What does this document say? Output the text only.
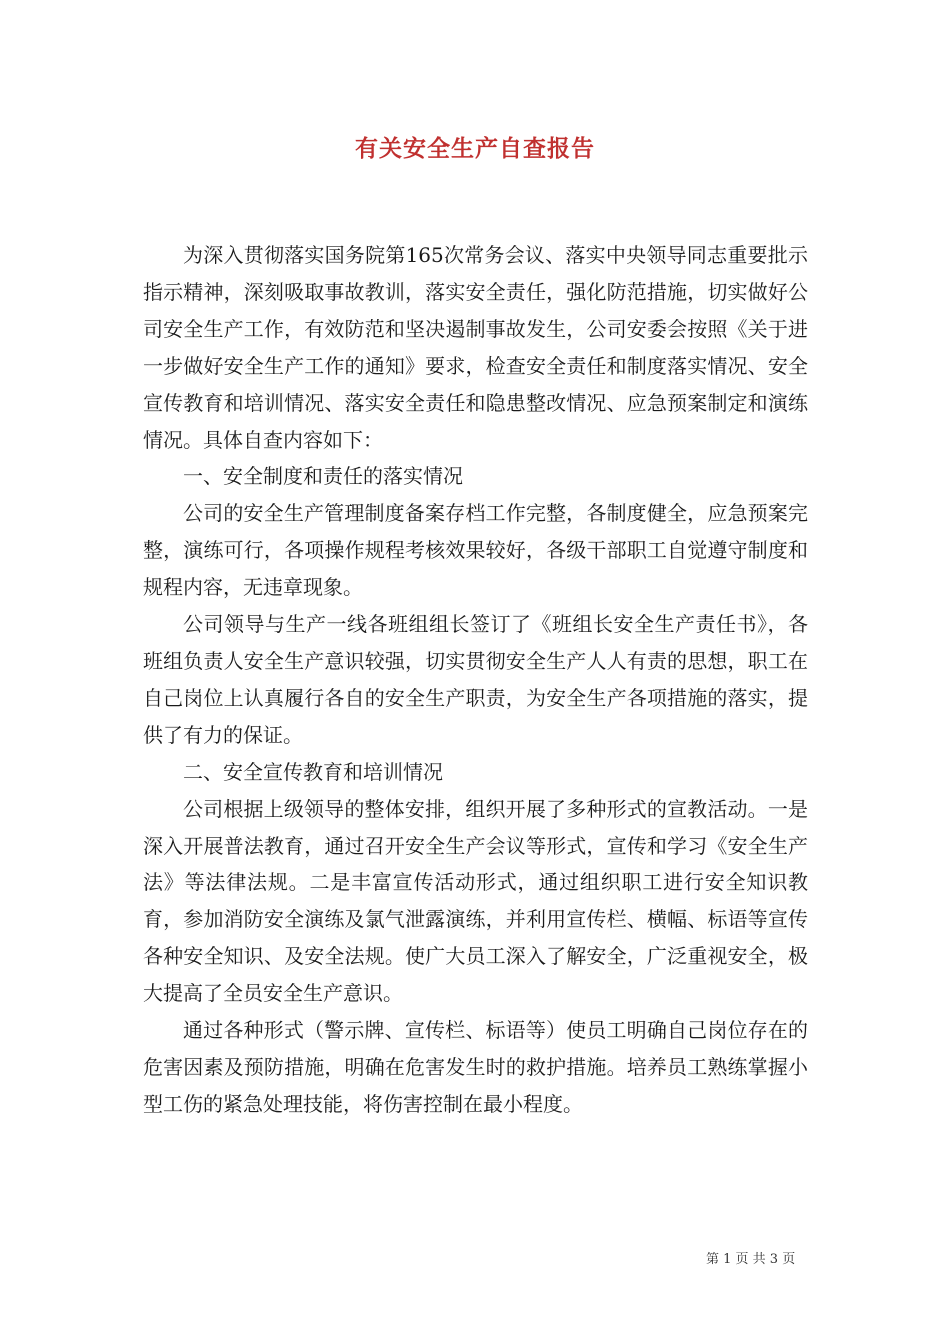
有关安全生产自查报告

为深入贯彻落实国务院第165次常务会议、落实中央领导同志重要批示指示精神，深刻吸取事故教训，落实安全责任，强化防范措施，切实做好公司安全生产工作，有效防范和坚决遏制事故发生，公司安委会按照《关于进一步做好安全生产工作的通知》要求，检查安全责任和制度落实情况、安全宣传教育和培训情况、落实安全责任和隐患整改情况、应急预案制定和演练情况。具体自查内容如下：

一、安全制度和责任的落实情况

公司的安全生产管理制度备案存档工作完整，各制度健全，应急预案完整，演练可行，各项操作规程考核效果较好，各级干部职工自觉遵守制度和规程内容，无违章现象。

公司领导与生产一线各班组组长签订了《班组长安全生产责任书》，各班组负责人安全生产意识较强，切实贯彻安全生产人人有责的思想，职工在自己岗位上认真履行各自的安全生产职责，为安全生产各项措施的落实，提供了有力的保证。

二、安全宣传教育和培训情况

公司根据上级领导的整体安排，组织开展了多种形式的宣教活动。一是深入开展普法教育，通过召开安全生产会议等形式，宣传和学习《安全生产法》等法律法规。二是丰富宣传活动形式，通过组织职工进行安全知识教育，参加消防安全演练及氯气泄露演练，并利用宣传栏、横幅、标语等宣传各种安全知识、及安全法规。使广大员工深入了解安全，广泛重视安全，极大提高了全员安全生产意识。

通过各种形式（警示牌、宣传栏、标语等）使员工明确自己岗位存在的危害因素及预防措施，明确在危害发生时的救护措施。培养员工熟练掌握小型工伤的紧急处理技能，将伤害控制在最小程度。

第 1 页 共 3 页
